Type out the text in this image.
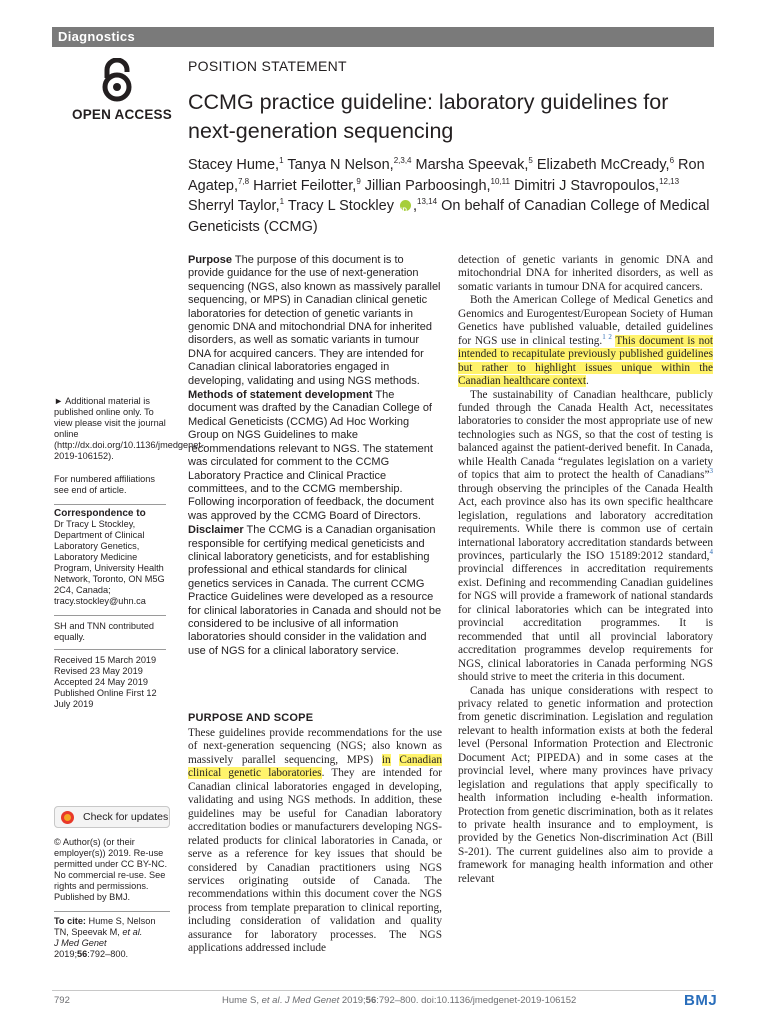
Diagnostics
OPEN ACCESS
POSITION STATEMENT
CCMG practice guideline: laboratory guidelines for next-generation sequencing
Stacey Hume,$^1$ Tanya N Nelson,$^{2,3,4}$ Marsha Speevak,$^5$ Elizabeth McCready,$^6$ Ron Agatep,$^{7,8}$ Harriet Feilotter,$^9$ Jillian Parboosingh,$^{10,11}$ Dimitri J Stavropoulos,$^{12,13}$ Sherryl Taylor,$^1$ Tracy L Stockley iD ,$^{13,14}$ On behalf of Canadian College of Medical Geneticists (CCMG)

Purpose The purpose of this document is to provide guidance for the use of next-generation sequencing (NGS, also known as massively parallel sequencing, or MPS) in Canadian clinical genetic laboratories for detection of genetic variants in genomic DNA and mitochondrial DNA for inherited disorders, as well as somatic variants in tumour DNA for acquired cancers. They are intended for Canadian clinical laboratories engaged in developing, validating and using NGS methods.

Methods of statement development The document was drafted by the Canadian College of Medical Geneticists (CCMG) Ad Hoc Working Group on NGS Guidelines to make recommendations relevant to NGS. The statement was circulated for comment to the CCMG Laboratory Practice and Clinical Practice committees, and to the CCMG membership. Following incorporation of feedback, the document was approved by the CCMG Board of Directors.

Disclaimer The CCMG is a Canadian organisation responsible for certifying medical geneticists and clinical laboratory geneticists, and for establishing professional and ethical standards for clinical genetics services in Canada. The current CCMG Practice Guidelines were developed as a resource for clinical laboratories in Canada and should not be considered to be inclusive of all information laboratories should consider in the validation and use of NGS for a clinical laboratory service.

► Additional material is published online only. To view please visit the journal online (http://dx.doi.org/10.1136/jmedgenet-2019-106152).

For numbered affiliations see end of article.

Correspondence to

Dr Tracy L Stockley, Department of Clinical Laboratory Genetics, Laboratory Medicine Program, University Health Network, Toronto, ON M5G 2C4, Canada; tracy.stockley@uhn.ca

SH and TNN contributed equally.

Received 15 March 2019

Revised 23 May 2019

Accepted 24 May 2019

Published Online First 12 July 2019

Check for updates
© Author(s) (or their employer(s)) 2019. Re-use permitted under CC BY-NC. No commercial re-use. See rights and permissions. Published by BMJ.
To cite: Hume S, Nelson TN, Speevak M, et al.
J Med Genet
2019;56:792–800.
PURPOSE AND SCOPE

These guidelines provide recommendations for the use of next-generation sequencing (NGS; also known as massively parallel sequencing, MPS) in Canadian clinical genetic laboratories. They are intended for Canadian clinical laboratories engaged in developing, validating and using NGS methods. In addition, these guidelines may be useful for Canadian laboratory accreditation bodies or manufacturers developing NGS-related products for clinical laboratories in Canada, or serve as a reference for key issues that should be considered by Canadian practitioners using NGS services originating outside of Canada. The recommendations within this document cover the NGS process from template preparation to clinical reporting, including consideration of validation and quality assurance for laboratory processes. The NGS applications addressed include

detection of genetic variants in genomic DNA and mitochondrial DNA for inherited disorders, as well as somatic variants in tumour DNA for acquired cancers.

Both the American College of Medical Genetics and Genomics and Eurogentest/European Society of Human Genetics have published valuable, detailed guidelines for NGS use in clinical testing.$^{1 2}$ This document is not intended to recapitulate previously published guidelines but rather to highlight issues unique within the Canadian healthcare context.

The sustainability of Canadian healthcare, publicly funded through the Canada Health Act, necessitates laboratories to consider the most appropriate use of new technologies such as NGS, so that the cost of testing is balanced against the patient-derived benefit. In Canada, while Health Canada “regulates legislation on a variety of topics that aim to protect the health of Canadians”$^3$ through observing the principles of the Canada Health Act, each province also has its own specific healthcare legislation, regulations and laboratory accreditation requirements. While there is common use of certain international laboratory accreditation standards between provinces, particularly the ISO 15189:2012 standard,$^4$ provincial differences in accreditation requirements exist. Defining and recommending Canadian guidelines for NGS will provide a framework of national standards for clinical laboratories which can be integrated into provincial accreditation programmes. It is recommended that until all provincial laboratory accreditation programmes develop requirements for NGS, clinical laboratories in Canada performing NGS should strive to meet the criteria in this document.

Canada has unique considerations with respect to privacy related to genetic information and protection from genetic discrimination. Legislation and regulation relevant to health information exists at both the federal level (Personal Information Protection and Electronic Document Act; PIPEDA) and in some cases at the provincial level, where many provinces have privacy legislation and regulations that apply specifically to health information including e-health information. Protection from genetic discrimination, both as it relates to private health insurance and to employment, is provided by the Genetics Non-discrimination Act (Bill S-201). The current guidelines also aim to provide a framework for managing health information and other relevant

792	Hume S, et al. J Med Genet 2019;56:792–800. doi:10.1136/jmedgenet-2019-106152	BMJ
